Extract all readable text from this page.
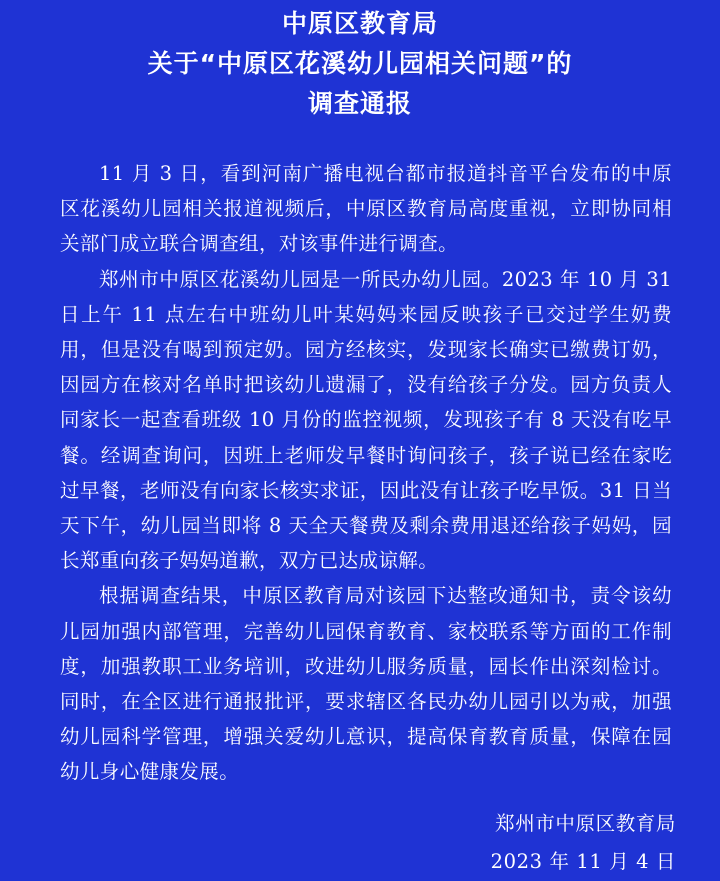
中原区教育局
关于“中原区花溪幼儿园相关问题”的
调查通报

11 月 3 日，看到河南广播电视台都市报道抖音平台发布的中原区花溪幼儿园相关报道视频后，中原区教育局高度重视，立即协同相关部门成立联合调查组，对该事件进行调查。

郑州市中原区花溪幼儿园是一所民办幼儿园。2023 年 10 月 31 日上午 11 点左右中班幼儿叶某妈妈来园反映孩子已交过学生奶费用，但是没有喝到预定奶。园方经核实，发现家长确实已缴费订奶，因园方在核对名单时把该幼儿遗漏了，没有给孩子分发。园方负责人同家长一起查看班级 10 月份的监控视频，发现孩子有 8 天没有吃早餐。经调查询问，因班上老师发早餐时询问孩子，孩子说已经在家吃过早餐，老师没有向家长核实求证，因此没有让孩子吃早饭。31 日当天下午，幼儿园当即将 8 天全天餐费及剩余费用退还给孩子妈妈，园长郑重向孩子妈妈道歉，双方已达成谅解。

根据调查结果，中原区教育局对该园下达整改通知书，责令该幼儿园加强内部管理，完善幼儿园保育教育、家校联系等方面的工作制度，加强教职工业务培训，改进幼儿服务质量，园长作出深刻检讨。同时，在全区进行通报批评，要求辖区各民办幼儿园引以为戒，加强幼儿园科学管理，增强关爱幼儿意识，提高保育教育质量，保障在园幼儿身心健康发展。

郑州市中原区教育局
2023 年 11 月 4 日
